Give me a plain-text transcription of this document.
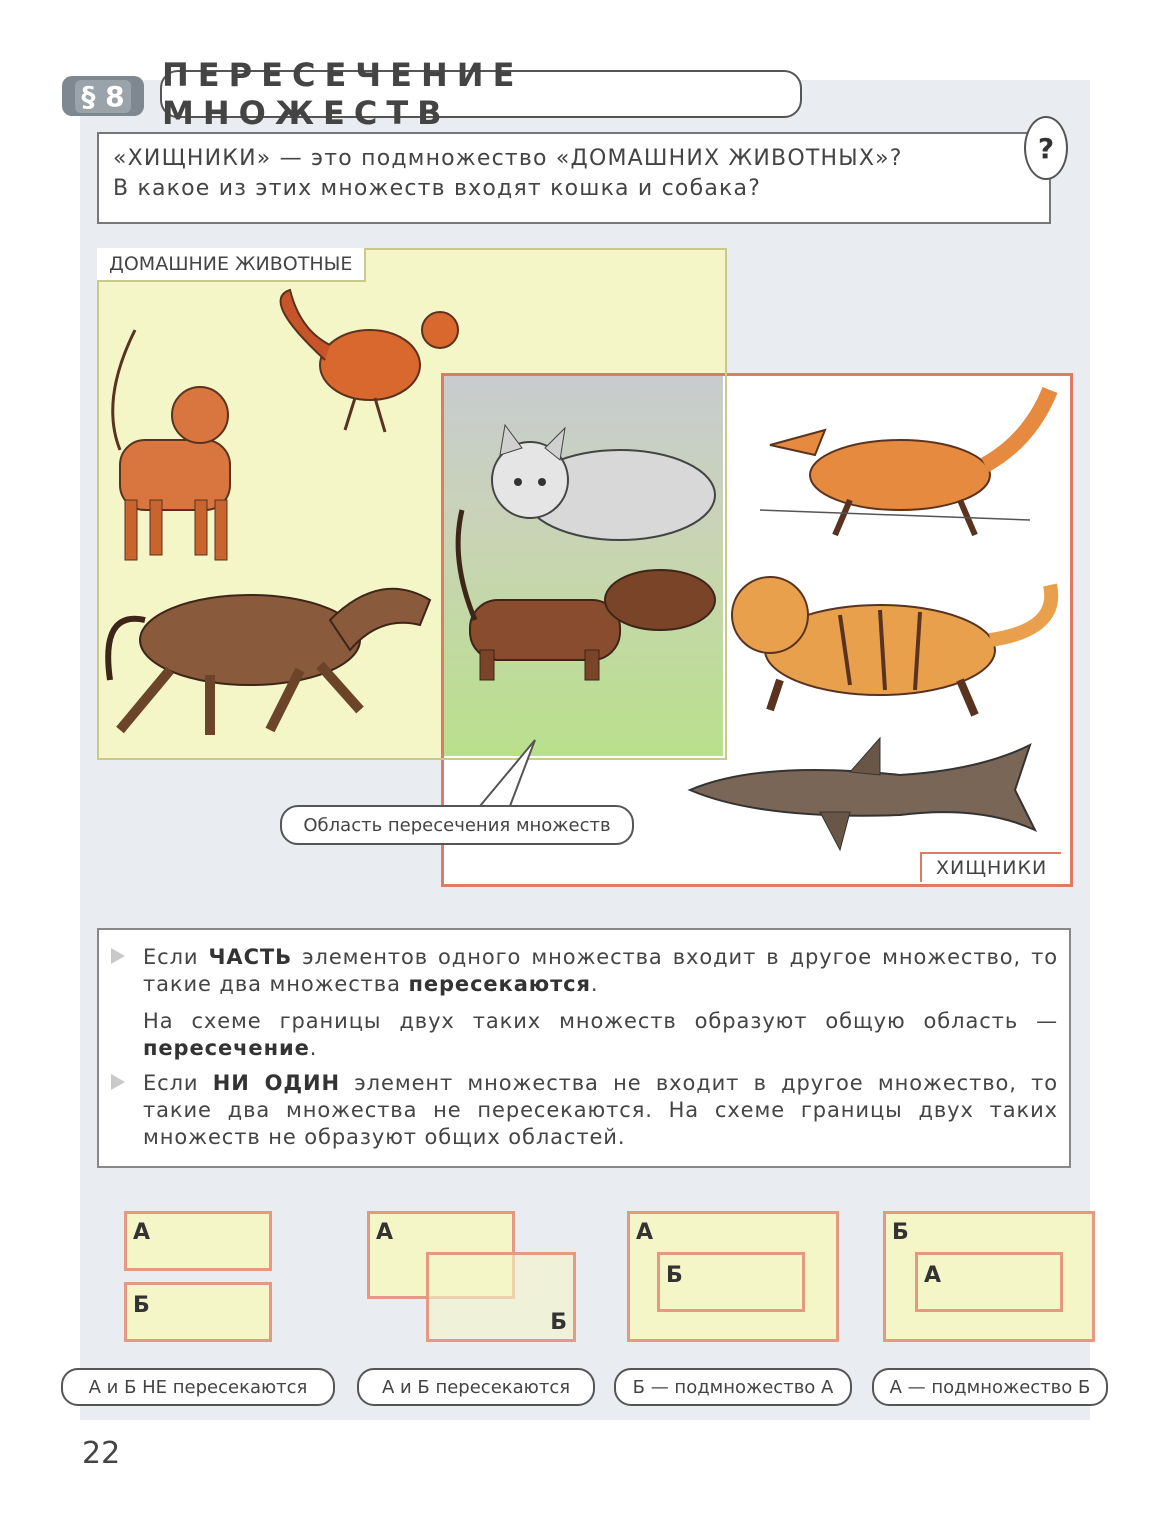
§ 8
ПЕРЕСЕЧЕНИЕ МНОЖЕСТВ

«ХИЩНИКИ» — это подмножество «ДОМАШНИХ ЖИВОТНЫХ»?

В какое из этих множеств входят кошка и собака?

?
ДОМАШНИЕ ЖИВОТНЫЕ
ХИЩНИКИ
Область пересечения множеств
Если ЧАСТЬ элементов одного множества входит в другое множество, то такие два множества пересекаются.
На схеме границы двух таких множеств образуют общую область — пересечение.
Если НИ ОДИН элемент множества не входит в другое множество, то такие два множества не пересекаются. На схеме границы двух таких множеств не образуют общих областей.
А
Б
А
Б
А
Б
Б
А
А и Б НЕ пересекаются	А и Б пересекаются	Б — подмножество А	А — подмножество Б
22
